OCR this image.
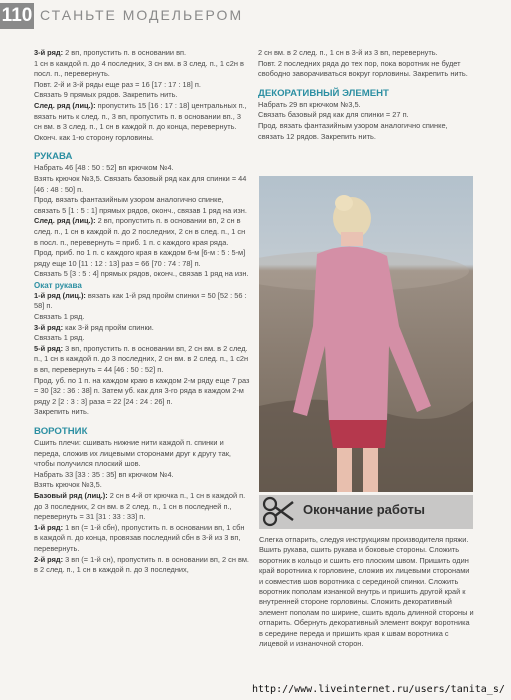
110 СТАНЬТЕ МОДЕЛЬЕРОМ

3-й ряд: 2 вп, пропустить п. в основании вп.

1 сн в каждой п. до 4 последних, 3 сн вм. в 3 след. п., 1 с2н в посл. п., перевернуть.

Повт. 2-й и 3-й ряды еще раз = 16 [17 : 17 : 18] п.

Связать 9 прямых рядов. Закрепить нить.

След. ряд (лиц.): пропустить 15 [16 : 17 : 18] центральных п., вязать нить к след. п., 3 вп, пропустить п. в основании вп., 3 сн вм. в 3 след. п., 1 сн в каждой п. до конца, перевернуть.

Оконч. как 1-ю сторону горловины.

РУКАВА

Набрать 46 [48 : 50 : 52] вп крючком №4.

Взять крючок №3,5. Связать базовый ряд как для спинки = 44 [46 : 48 : 50] п.

Прод. вязать фантазийным узором аналогично спинке, связать 5 [1 : 5 : 1] прямых рядов, оконч., связав 1 ряд на изн.

След. ряд (лиц.): 2 вп, пропустить п. в основании вп, 2 сн в след. п., 1 сн в каждой п. до 2 последних, 2 сн в след. п., 1 сн в посл. п., перевернуть = приб. 1 п. с каждого края ряда.

Прод. приб. по 1 п. с каждого края в каждом 6-м [6-м : 5 : 5-м] ряду еще 10 [11 : 12 : 13] раз = 66 [70 : 74 : 78] п.

Связать 5 [3 : 5 : 4] прямых рядов, оконч., связав 1 ряд на изн.

Окат рукава

1-й ряд (лиц.): вязать как 1-й ряд пройм спинки = 50 [52 : 56 : 58] п.

Связать 1 ряд.

3-й ряд: как 3-й ряд пройм спинки.

Связать 1 ряд.

5-й ряд: 3 вп, пропустить п. в основании вп, 2 сн вм. в 2 след. п., 1 сн в каждой п. до 3 последних, 2 сн вм. в 2 след. п., 1 с2н в вп, перевернуть = 44 [46 : 50 : 52] п.

Прод. уб. по 1 п. на каждом краю в каждом 2-м ряду еще 7 раз = 30 [32 : 36 : 38] п. Затем уб. как для 3-го ряда в каждом 2-м ряду 2 [2 : 3 : 3] раза = 22 [24 : 24 : 26] п.

Закрепить нить.

ВОРОТНИК

Сшить плечи: сшивать нижние нити каждой п. спинки и переда, сложив их лицевыми сторонами друг к другу так, чтобы получился плоский шов.

Набрать 33 [33 : 35 : 35] вп крючком №4.

Взять крючок №3,5.

Базовый ряд (лиц.): 2 сн в 4-й от крючка п., 1 сн в каждой п. до 3 последних, 2 сн вм. в 2 след. п., 1 сн в последней п., перевернуть = 31 [31 : 33 : 33] п.

1-й ряд: 1 вп (= 1-й сбн), пропустить п. в основании вп, 1 сбн в каждой п. до конца, провязав последний сбн в 3-й из 3 вп, перевернуть.

2-й ряд: 3 вп (= 1-й сн), пропустить п. в основании вп, 2 сн вм. в 2 след. п., 1 сн в каждой п. до 3 последних,

2 сн вм. в 2 след. п., 1 сн в 3-й из 3 вп, перевернуть.

Повт. 2 последних ряда до тех пор, пока воротник не будет свободно заворачиваться вокруг горловины. Закрепить нить.

ДЕКОРАТИВНЫЙ ЭЛЕМЕНТ

Набрать 29 вп крючком №3,5.

Связать базовый ряд как для спинки = 27 п.

Прод. вязать фантазийным узором аналогично спинке, связать 12 рядов. Закрепить нить.

Окончание работы
Слегка отпарить, следуя инструкциям производителя пряжи. Вшить рукава, сшить рукава и боковые стороны. Сложить воротник в кольцо и сшить его плоским швом. Пришить один край воротника к горловине, сложив их лицевыми сторонами и совместив шов воротника с серединой спинки. Сложить воротник пополам изнанкой внутрь и пришить другой край к внутренней стороне горловины. Сложить декоративный элемент пополам по ширине, сшить вдоль длинной стороны и отпарить. Обернуть декоративный элемент вокруг воротника в середине переда и пришить края к швам воротника с лицевой и изнаночной сторон.
http://www.liveinternet.ru/users/tanita_s/
